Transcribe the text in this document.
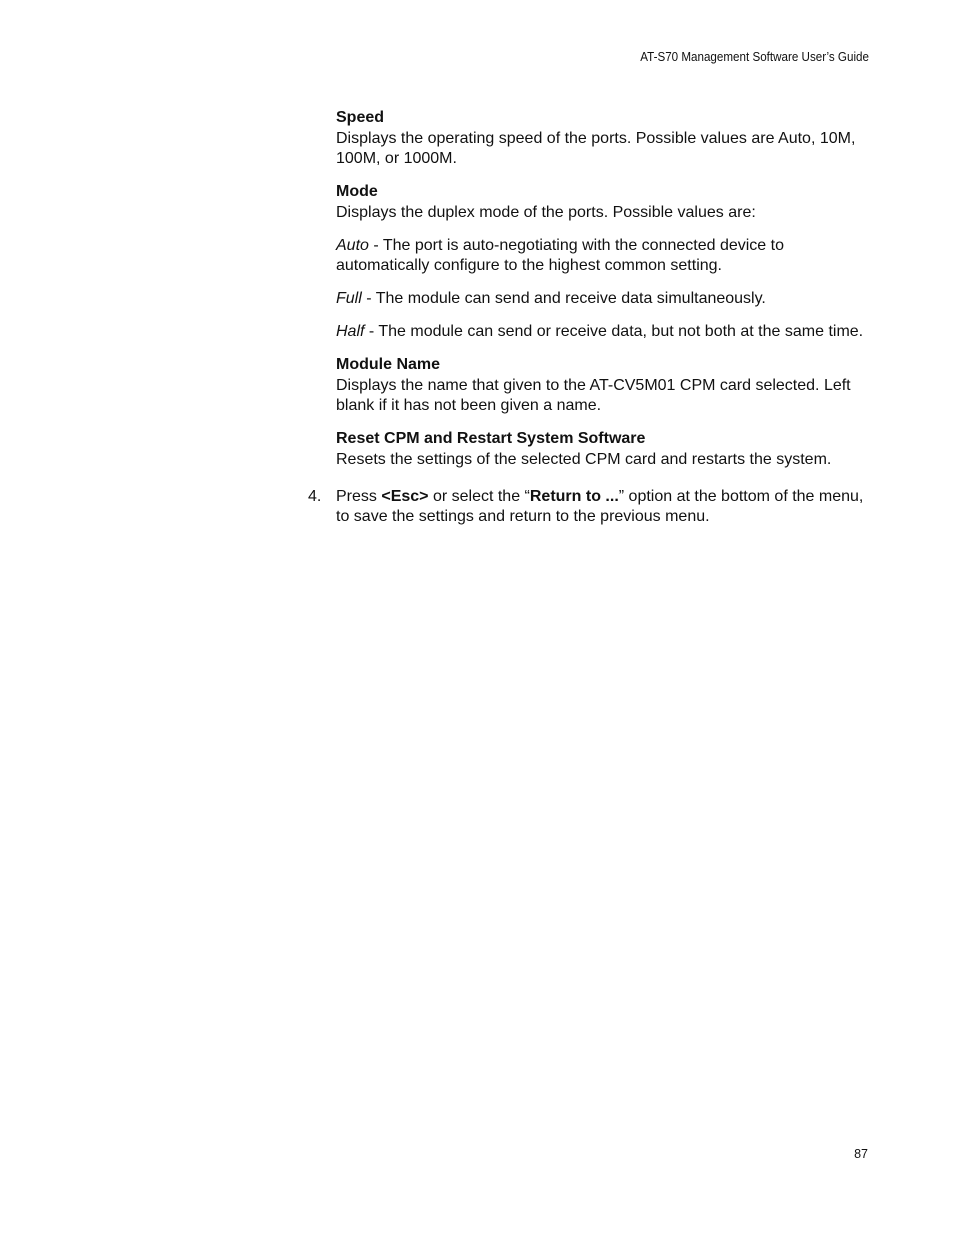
AT-S70 Management Software User’s Guide

Speed

Displays the operating speed of the ports. Possible values are Auto, 10M, 100M, or 1000M.

Mode

Displays the duplex mode of the ports. Possible values are:

Auto - The port is auto-negotiating with the connected device to automatically configure to the highest common setting.

Full - The module can send and receive data simultaneously.

Half - The module can send or receive data, but not both at the same time.

Module Name

Displays the name that given to the AT-CV5M01 CPM card selected. Left blank if it has not been given a name.

Reset CPM and Restart System Software

Resets the settings of the selected CPM card and restarts the system.

4. Press <Esc> or select the “Return to ...” option at the bottom of the menu, to save the settings and return to the previous menu.

87
